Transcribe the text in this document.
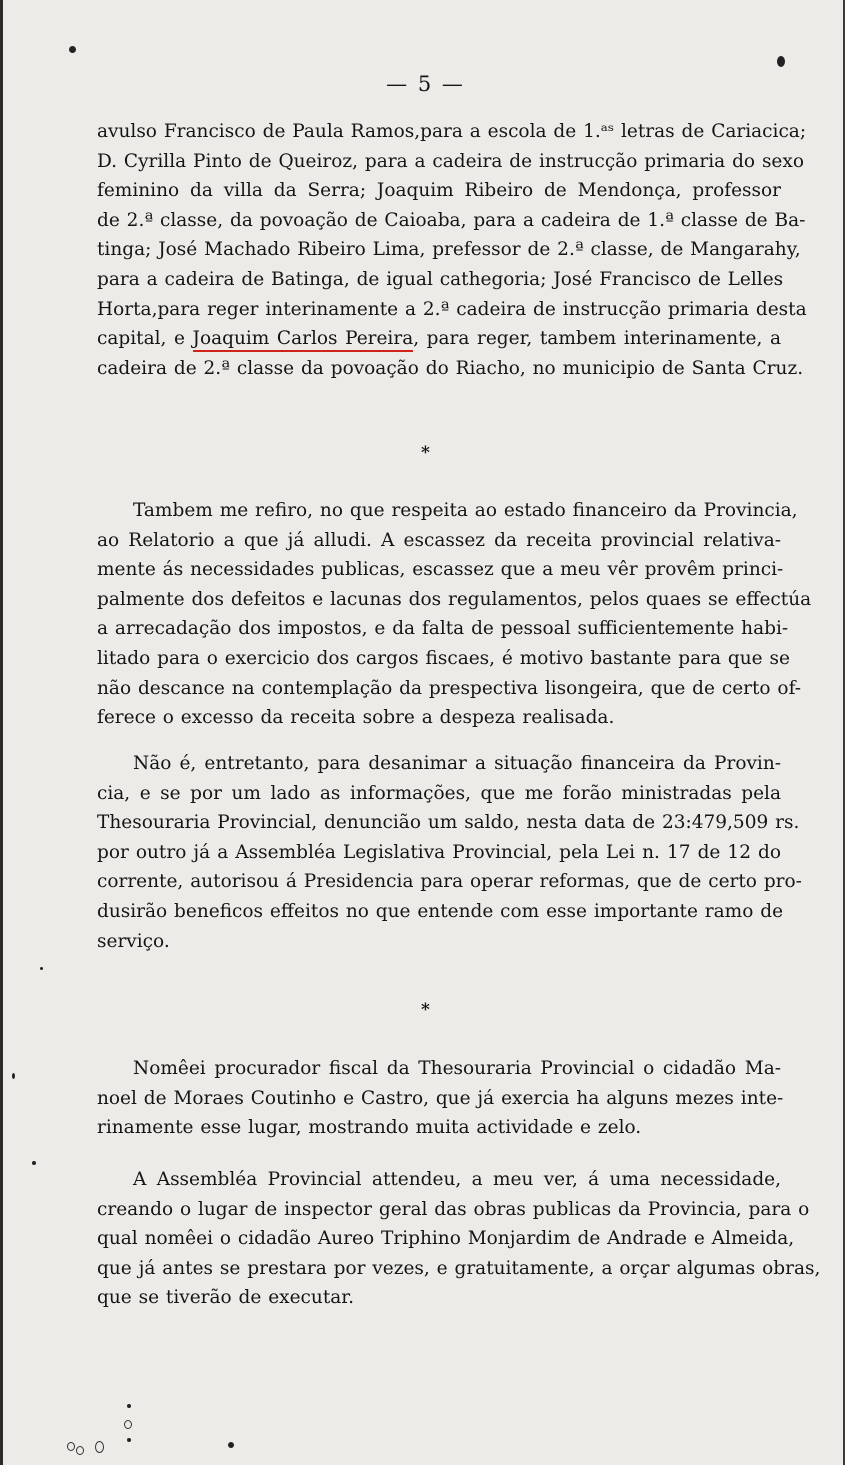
— 5 —
avulso Francisco de Paula Ramos,para a escola de 1.ᵃˢ letras de Cariacica;
D. Cyrilla Pinto de Queiroz, para a cadeira de instrucção primaria do sexo
feminino da villa da Serra; Joaquim Ribeiro de Mendonça, professor
de 2.ª classe, da povoação de Caioaba, para a cadeira de 1.ª classe de Ba-
tinga; José Machado Ribeiro Lima, prefessor de 2.ª classe, de Mangarahy,
para a cadeira de Batinga, de igual cathegoria; José Francisco de Lelles
Horta,para reger interinamente a 2.ª cadeira de instrucção primaria desta
capital, e Joaquim Carlos Pereira, para reger, tambem interinamente, a
cadeira de 2.ª classe da povoação do Riacho, no municipio de Santa Cruz.
*
Tambem me refiro, no que respeita ao estado financeiro da Provincia,
ao Relatorio a que já alludi. A escassez da receita provincial relativa-
mente ás necessidades publicas, escassez que a meu vêr provêm princi-
palmente dos defeitos e lacunas dos regulamentos, pelos quaes se effectúa
a arrecadação dos impostos, e da falta de pessoal sufficientemente habi-
litado para o exercicio dos cargos fiscaes, é motivo bastante para que se
não descance na contemplação da prespectiva lisongeira, que de certo of-
ferece o excesso da receita sobre a despeza realisada.
Não é, entretanto, para desanimar a situação financeira da Provin-
cia, e se por um lado as informações, que me forão ministradas pela
Thesouraria Provincial, denuncião um saldo, nesta data de 23:479,509 rs.
por outro já a Assembléa Legislativa Provincial, pela Lei n. 17 de 12 do
corrente, autorisou á Presidencia para operar reformas, que de certo pro-
dusirão beneficos effeitos no que entende com esse importante ramo de
serviço.
*
Nomêei procurador fiscal da Thesouraria Provincial o cidadão Ma-
noel de Moraes Coutinho e Castro, que já exercia ha alguns mezes inte-
rinamente esse lugar, mostrando muita actividade e zelo.
A Assembléa Provincial attendeu, a meu ver, á uma necessidade,
creando o lugar de inspector geral das obras publicas da Provincia, para o
qual nomêei o cidadão Aureo Triphino Monjardim de Andrade e Almeida,
que já antes se prestara por vezes, e gratuitamente, a orçar algumas obras,
que se tiverão de executar.
